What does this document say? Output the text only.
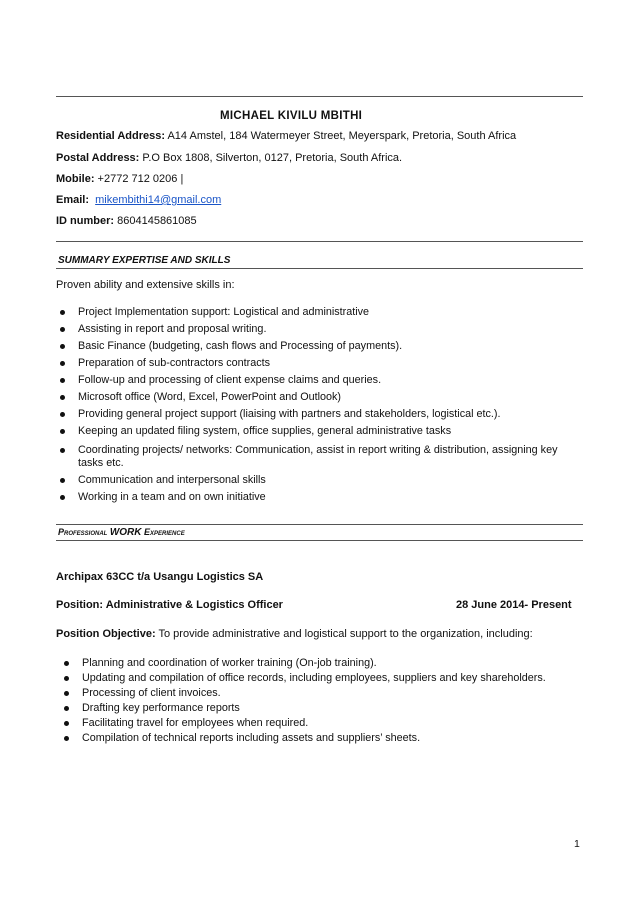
MICHAEL KIVILU MBITHI
Residential Address: A14 Amstel, 184 Watermeyer Street, Meyerspark, Pretoria, South Africa
Postal Address: P.O Box 1808, Silverton, 0127, Pretoria, South Africa.
Mobile: +2772 712 0206 |
Email: mikembithi14@gmail.com
ID number: 8604145861085
SUMMARY EXPERTISE AND SKILLS
Proven ability and extensive skills in:
Project Implementation support: Logistical and administrative
Assisting in report and proposal writing.
Basic Finance (budgeting, cash flows and Processing of payments).
Preparation of sub-contractors contracts
Follow-up and processing of client expense claims and queries.
Microsoft office (Word, Excel, PowerPoint and Outlook)
Providing general project support (liaising with partners and stakeholders, logistical etc.).
Keeping an updated filing system, office supplies, general administrative tasks
Coordinating projects/ networks: Communication, assist in report writing & distribution, assigning key tasks etc.
Communication and interpersonal skills
Working in a team and on own initiative
Professional WORK Experience
Archipax 63CC t/a Usangu Logistics SA
Position: Administrative & Logistics Officer	28 June 2014- Present
Position Objective: To provide administrative and logistical support to the organization, including:
Planning and coordination of worker training (On-job training).
Updating and compilation of office records, including employees, suppliers and key shareholders.
Processing of client invoices.
Drafting key performance reports
Facilitating travel for employees when required.
Compilation of technical reports including assets and suppliers’ sheets.
1
